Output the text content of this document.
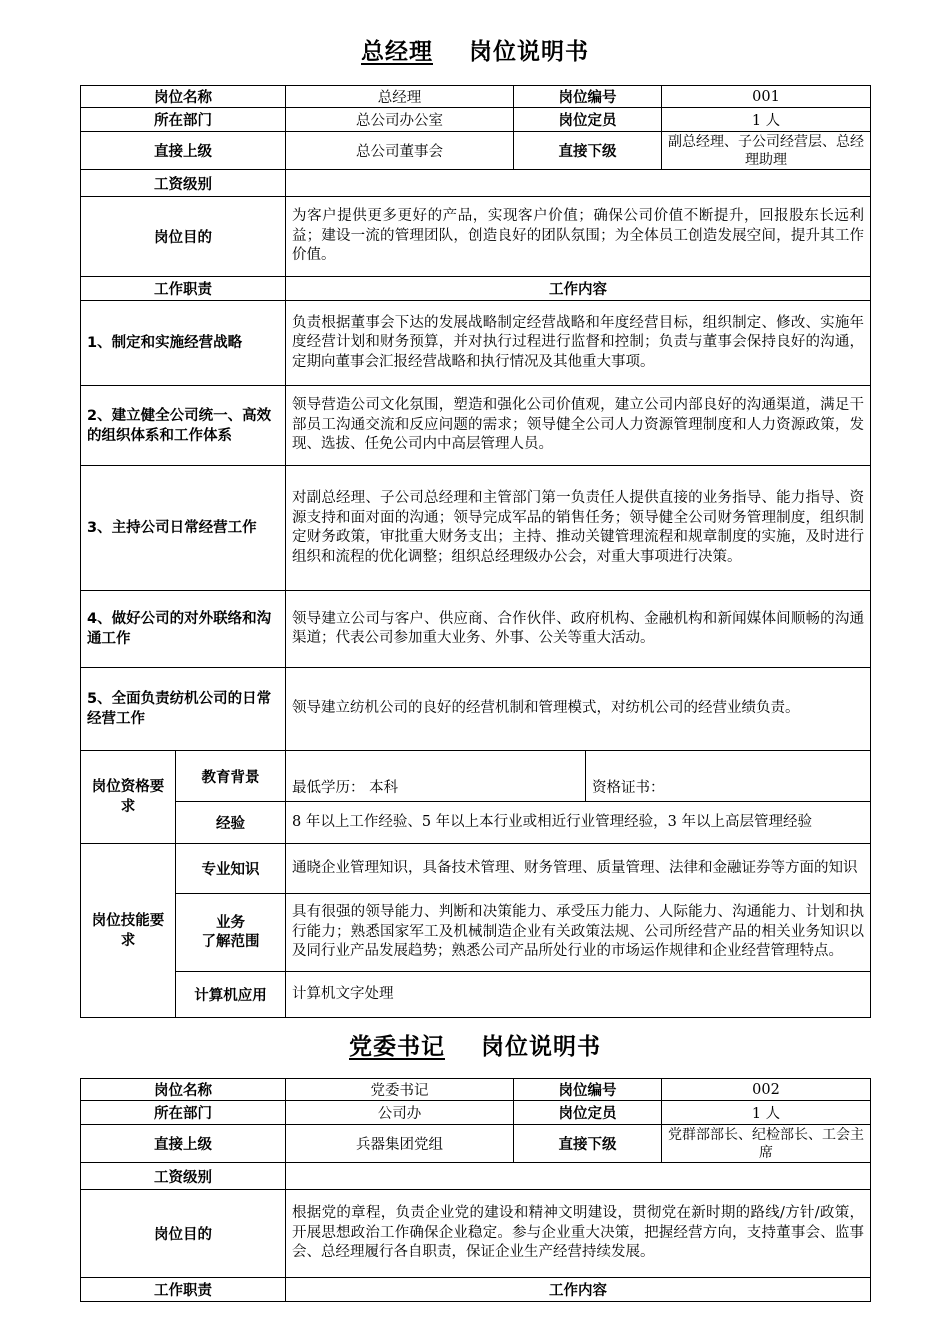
总经理 岗位说明书
岗位名称		总经理	岗位编号		001
所在部门		总公司办公室	岗位定员		1 人
直接上级		总公司董事会	直接下级		副总经理、子公司经营层、总经理助理
工资级别					
岗位目的		为客户提供更多更好的产品，实现客户价值；确保公司价值不断提升，回报股东长远利益；建设一流的管理团队，创造良好的团队氛围；为全体员工创造发展空间，提升其工作价值。			
工作职责		工作内容			
1、制定和实施经营战略		负责根据董事会下达的发展战略制定经营战略和年度经营目标，组织制定、修改、实施年度经营计划和财务预算，并对执行过程进行监督和控制；负责与董事会保持良好的沟通，定期向董事会汇报经营战略和执行情况及其他重大事项。			
2、建立健全公司统一、高效的组织体系和工作体系		领导营造公司文化氛围，塑造和强化公司价值观，建立公司内部良好的沟通渠道，满足干部员工沟通交流和反应问题的需求；领导健全公司人力资源管理制度和人力资源政策，发现、选拔、任免公司内中高层管理人员。			
3、主持公司日常经营工作		对副总经理、子公司总经理和主管部门第一负责任人提供直接的业务指导、能力指导、资源支持和面对面的沟通；领导完成军品的销售任务；领导健全公司财务管理制度，组织制定财务政策，审批重大财务支出；主持、推动关键管理流程和规章制度的实施，及时进行组织和流程的优化调整；组织总经理级办公会，对重大事项进行决策。			
4、做好公司的对外联络和沟通工作		领导建立公司与客户、供应商、合作伙伴、政府机构、金融机构和新闻媒体间顺畅的沟通渠道；代表公司参加重大业务、外事、公关等重大活动。			
5、全面负责纺机公司的日常经营工作		领导建立纺机公司的良好的经营机制和管理模式，对纺机公司的经营业绩负责。			
岗位资格要求	教育背景	最低学历： 本科		资格证书：	
	经验	8 年以上工作经验、5 年以上本行业或相近行业管理经验，3 年以上高层管理经验			
岗位技能要求	专业知识	通晓企业管理知识，具备技术管理、财务管理、质量管理、法律和金融证券等方面的知识			
	业务
了解范围	具有很强的领导能力、判断和决策能力、承受压力能力、人际能力、沟通能力、计划和执行能力；熟悉国家军工及机械制造企业有关政策法规、公司所经营产品的相关业务知识以及同行业产品发展趋势；熟悉公司产品所处行业的市场运作规律和企业经营管理特点。			
	计算机应用	计算机文字处理			
党委书记 岗位说明书
岗位名称	党委书记	岗位编号	002
所在部门	公司办	岗位定员	1 人
直接上级	兵器集团党组	直接下级	党群部部长、纪检部长、工会主席
工资级别			
岗位目的	根据党的章程，负责企业党的建设和精神文明建设，贯彻党在新时期的路线/方针/政策，开展思想政治工作确保企业稳定。参与企业重大决策，把握经营方向，支持董事会、监事会、总经理履行各自职责，保证企业生产经营持续发展。		
工作职责	工作内容		
